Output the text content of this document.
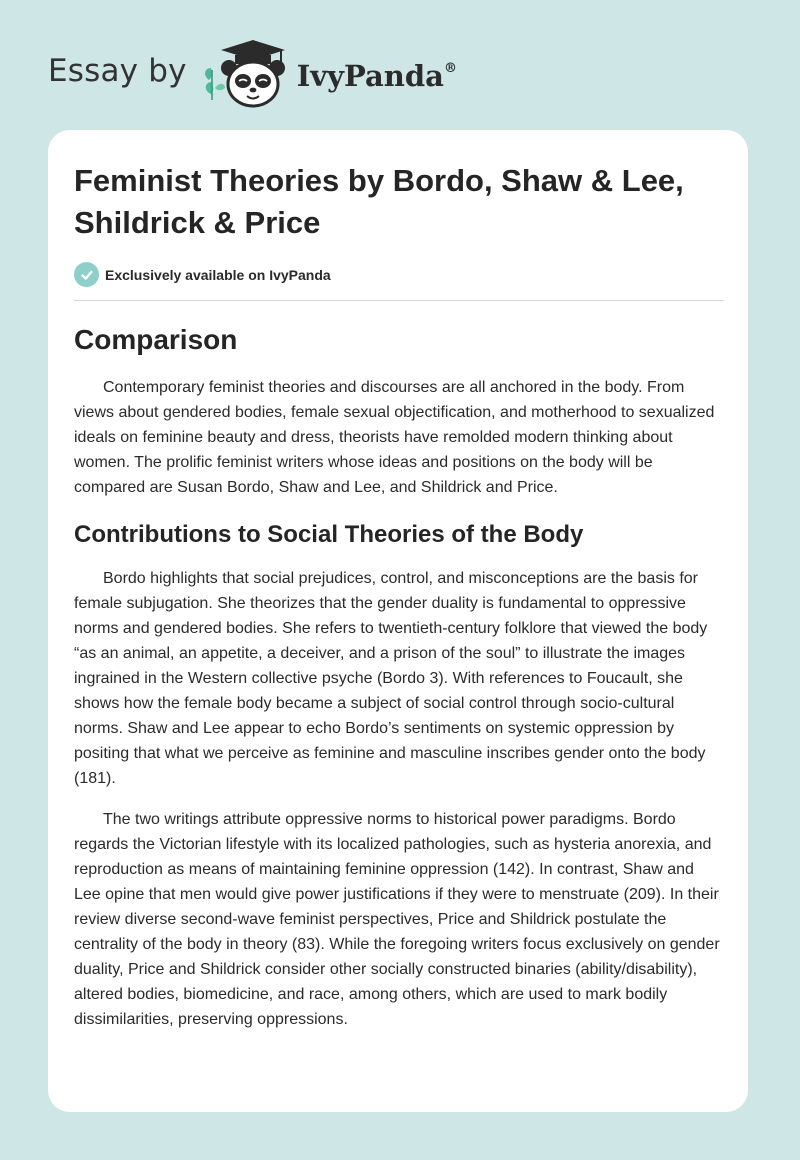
Essay by	IvyPanda®
Feminist Theories by Bordo, Shaw & Lee, Shildrick & Price
Exclusively available on IvyPanda
Comparison

Contemporary feminist theories and discourses are all anchored in the body. From views about gendered bodies, female sexual objectification, and motherhood to sexualized ideals on feminine beauty and dress, theorists have remolded modern thinking about women. The prolific feminist writers whose ideas and positions on the body will be compared are Susan Bordo, Shaw and Lee, and Shildrick and Price.

Contributions to Social Theories of the Body

Bordo highlights that social prejudices, control, and misconceptions are the basis for female subjugation. She theorizes that the gender duality is fundamental to oppressive norms and gendered bodies. She refers to twentieth-century folklore that viewed the body “as an animal, an appetite, a deceiver, and a prison of the soul” to illustrate the images ingrained in the Western collective psyche (Bordo 3). With references to Foucault, she shows how the female body became a subject of social control through socio-cultural norms. Shaw and Lee appear to echo Bordo’s sentiments on systemic oppression by positing that what we perceive as feminine and masculine inscribes gender onto the body (181).

The two writings attribute oppressive norms to historical power paradigms. Bordo regards the Victorian lifestyle with its localized pathologies, such as hysteria anorexia, and reproduction as means of maintaining feminine oppression (142). In contrast, Shaw and Lee opine that men would give power justifications if they were to menstruate (209). In their review diverse second-wave feminist perspectives, Price and Shildrick postulate the centrality of the body in theory (83). While the foregoing writers focus exclusively on gender duality, Price and Shildrick consider other socially constructed binaries (ability/disability), altered bodies, biomedicine, and race, among others, which are used to mark bodily dissimilarities, preserving oppressions.
